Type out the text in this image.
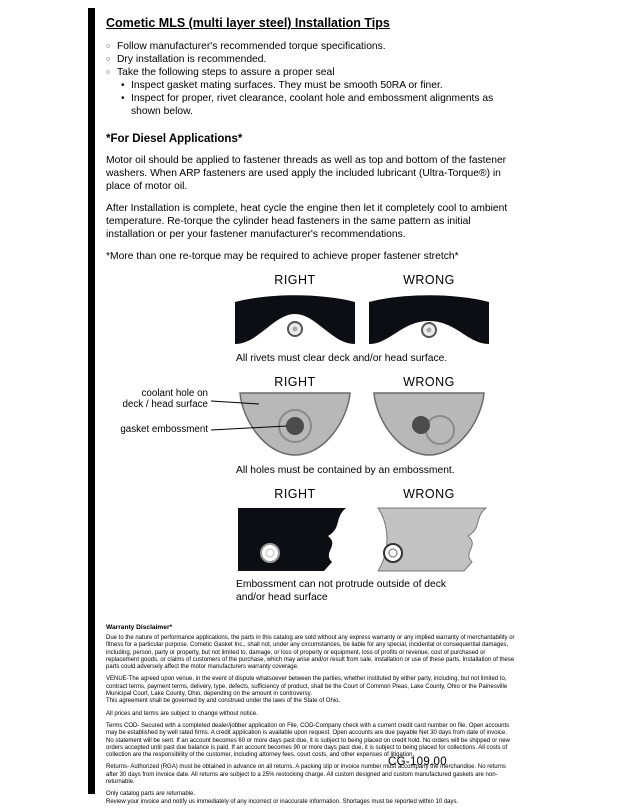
Cometic MLS (multi layer steel) Installation Tips
○ Follow manufacturer's recommended torque specifications.
○ Dry installation is recommended.
○ Take the following steps to assure a proper seal
• Inspect gasket mating surfaces. They must be smooth 50RA or finer.
• Inspect for proper, rivet clearance, coolant hole and embossment alignments as shown below.
*For Diesel Applications*
Motor oil should be applied to fastener threads as well as top and bottom of the fastener washers. When ARP fasteners are used apply the included lubricant (Ultra-Torque®) in place of motor oil.
After Installation is complete, heat cycle the engine then let it completely cool to ambient temperature. Re-torque the cylinder head fasteners in the same pattern as initial installation or per your fastener manufacturer's recommendations.
*More than one re-torque may be required to achieve proper fastener stretch*
RIGHT	WRONG
All rivets must clear deck and/or head surface.
coolant hole on
deck / head surface
gasket embossment
RIGHT	WRONG
All holes must be contained by an embossment.
RIGHT	WRONG
Embossment can not protrude outside of deck and/or head surface
Warranty Disclaimer*
Due to the nature of performance applications, the parts in this catalog are sold without any express warranty or any implied warranty of merchantability or fitness for a particular purpose. Cometic Gasket Inc., shall not, under any circumstances, be liable for any special, incidental or consequential damages, including, person, party or property, but not limited to, damage, or loss of property or equipment, loss of profits or revenue, cost of purchased or replacement goods, or claims of customers of the purchase, which may arise and/or result from sale, installation or use of these parts. Installation of these parts could adversely affect the motor manufacturers warranty coverage.
VENUE-The agreed upon venue, in the event of dispute whatsoever between the parties, whether instituted by either party, including, but not limited to, contract terms, payment terms, delivery, type, defects, sufficiency of product, shall be the Court of Common Pleas, Lake County, Ohio or the Painesville Municipal Court, Lake County, Ohio, depending on the amount in controversy.
This agreement shall be governed by and construed under the laws of the State of Ohio.
All prices and terms are subject to change without notice.
Terms COD- Secured with a completed dealer/jobber application on File, COD-Company check with a current credit card number on file. Open accounts may be established by well rated firms. A credit application is available upon request. Open accounts are due payable Net 30 days from date of invoice. No statement will be sent. If an account becomes 60 or more days past due, it is subject to being placed on credit hold. No orders will be shipped or new orders accepted until past due balance is paid. If an account becomes 90 or more days past due, it is subject to being placed for collections. All costs of collection are the responsibility of the customer, including attorney fees, court costs, and other expenses of litigation.
Returns- Authorized (RGA) must be obtained in advance on all returns. A packing slip or invoice number must accompany the merchandise. No returns after 30 days from invoice date. All returns are subject to a 25% restocking charge. All custom designed and custom manufactured gaskets are non-returnable.
Only catalog parts are returnable.
Review your invoice and notify us immediately of any incorrect or inaccurate information. Shortages must be reported within 10 days.
CG-109.00
